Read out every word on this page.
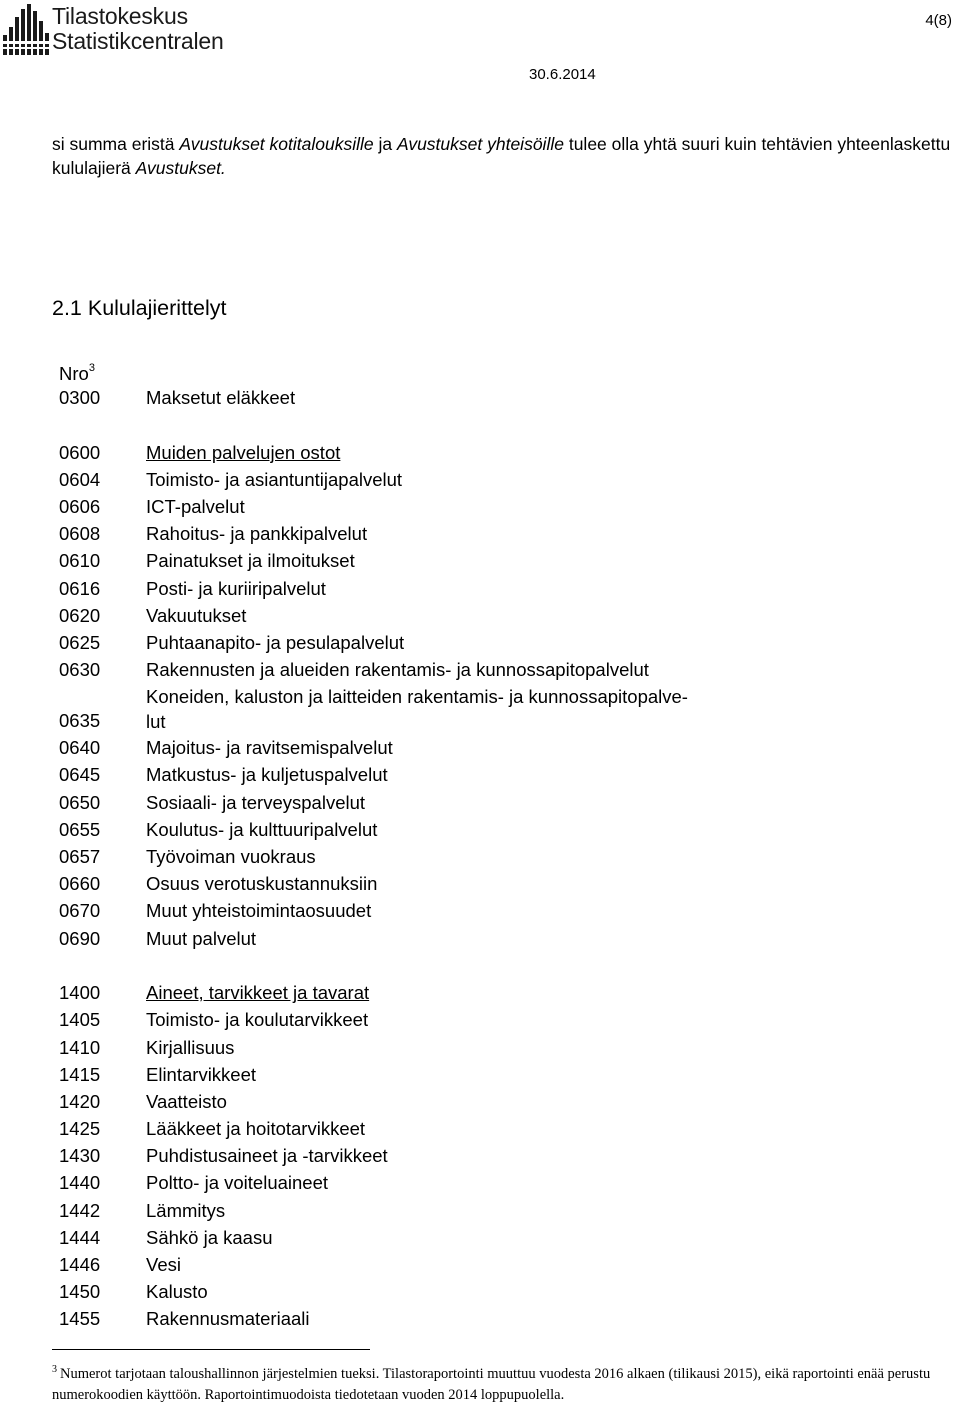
Tilastokeskus
Statistikcentralen
4(8)
30.6.2014
si summa eristä Avustukset kotitalouksille ja Avustukset yhteisöille tulee olla yhtä suuri kuin tehtävien yhteenlaskettu kululajierä Avustukset.
2.1 Kululajierittelyt
Nro$^3$
0300 Maksetut eläkkeet
0600 Muiden palvelujen ostot
0604 Toimisto- ja asiantuntijapalvelut
0606 ICT-palvelut
0608 Rahoitus- ja pankkipalvelut
0610 Painatukset ja ilmoitukset
0616 Posti- ja kuriiripalvelut
0620 Vakuutukset
0625 Puhtaanapito- ja pesulapalvelut
0630 Rakennusten ja alueiden rakentamis- ja kunnossapitopalvelut
0635
Koneiden, kaluston ja laitteiden rakentamis- ja kunnossapitopalve-
lut
0640 Majoitus- ja ravitsemispalvelut
0645 Matkustus- ja kuljetuspalvelut
0650 Sosiaali- ja terveyspalvelut
0655 Koulutus- ja kulttuuripalvelut
0657 Työvoiman vuokraus
0660 Osuus verotuskustannuksiin
0670 Muut yhteistoimintaosuudet
0690 Muut palvelut
1400 Aineet, tarvikkeet ja tavarat
1405 Toimisto- ja koulutarvikkeet
1410 Kirjallisuus
1415 Elintarvikkeet
1420 Vaatteisto
1425 Lääkkeet ja hoitotarvikkeet
1430 Puhdistusaineet ja -tarvikkeet
1440 Poltto- ja voiteluaineet
1442 Lämmitys
1444 Sähkö ja kaasu
1446 Vesi
1450 Kalusto
1455 Rakennusmateriaali
$^3$ Numerot tarjotaan taloushallinnon järjestelmien tueksi. Tilastoraportointi muuttuu vuodesta 2016 alkaen (tilikausi 2015), eikä raportointi enää perustu numerokoodien käyttöön. Raportointimuodoista tiedotetaan vuoden 2014 loppupuolella.
